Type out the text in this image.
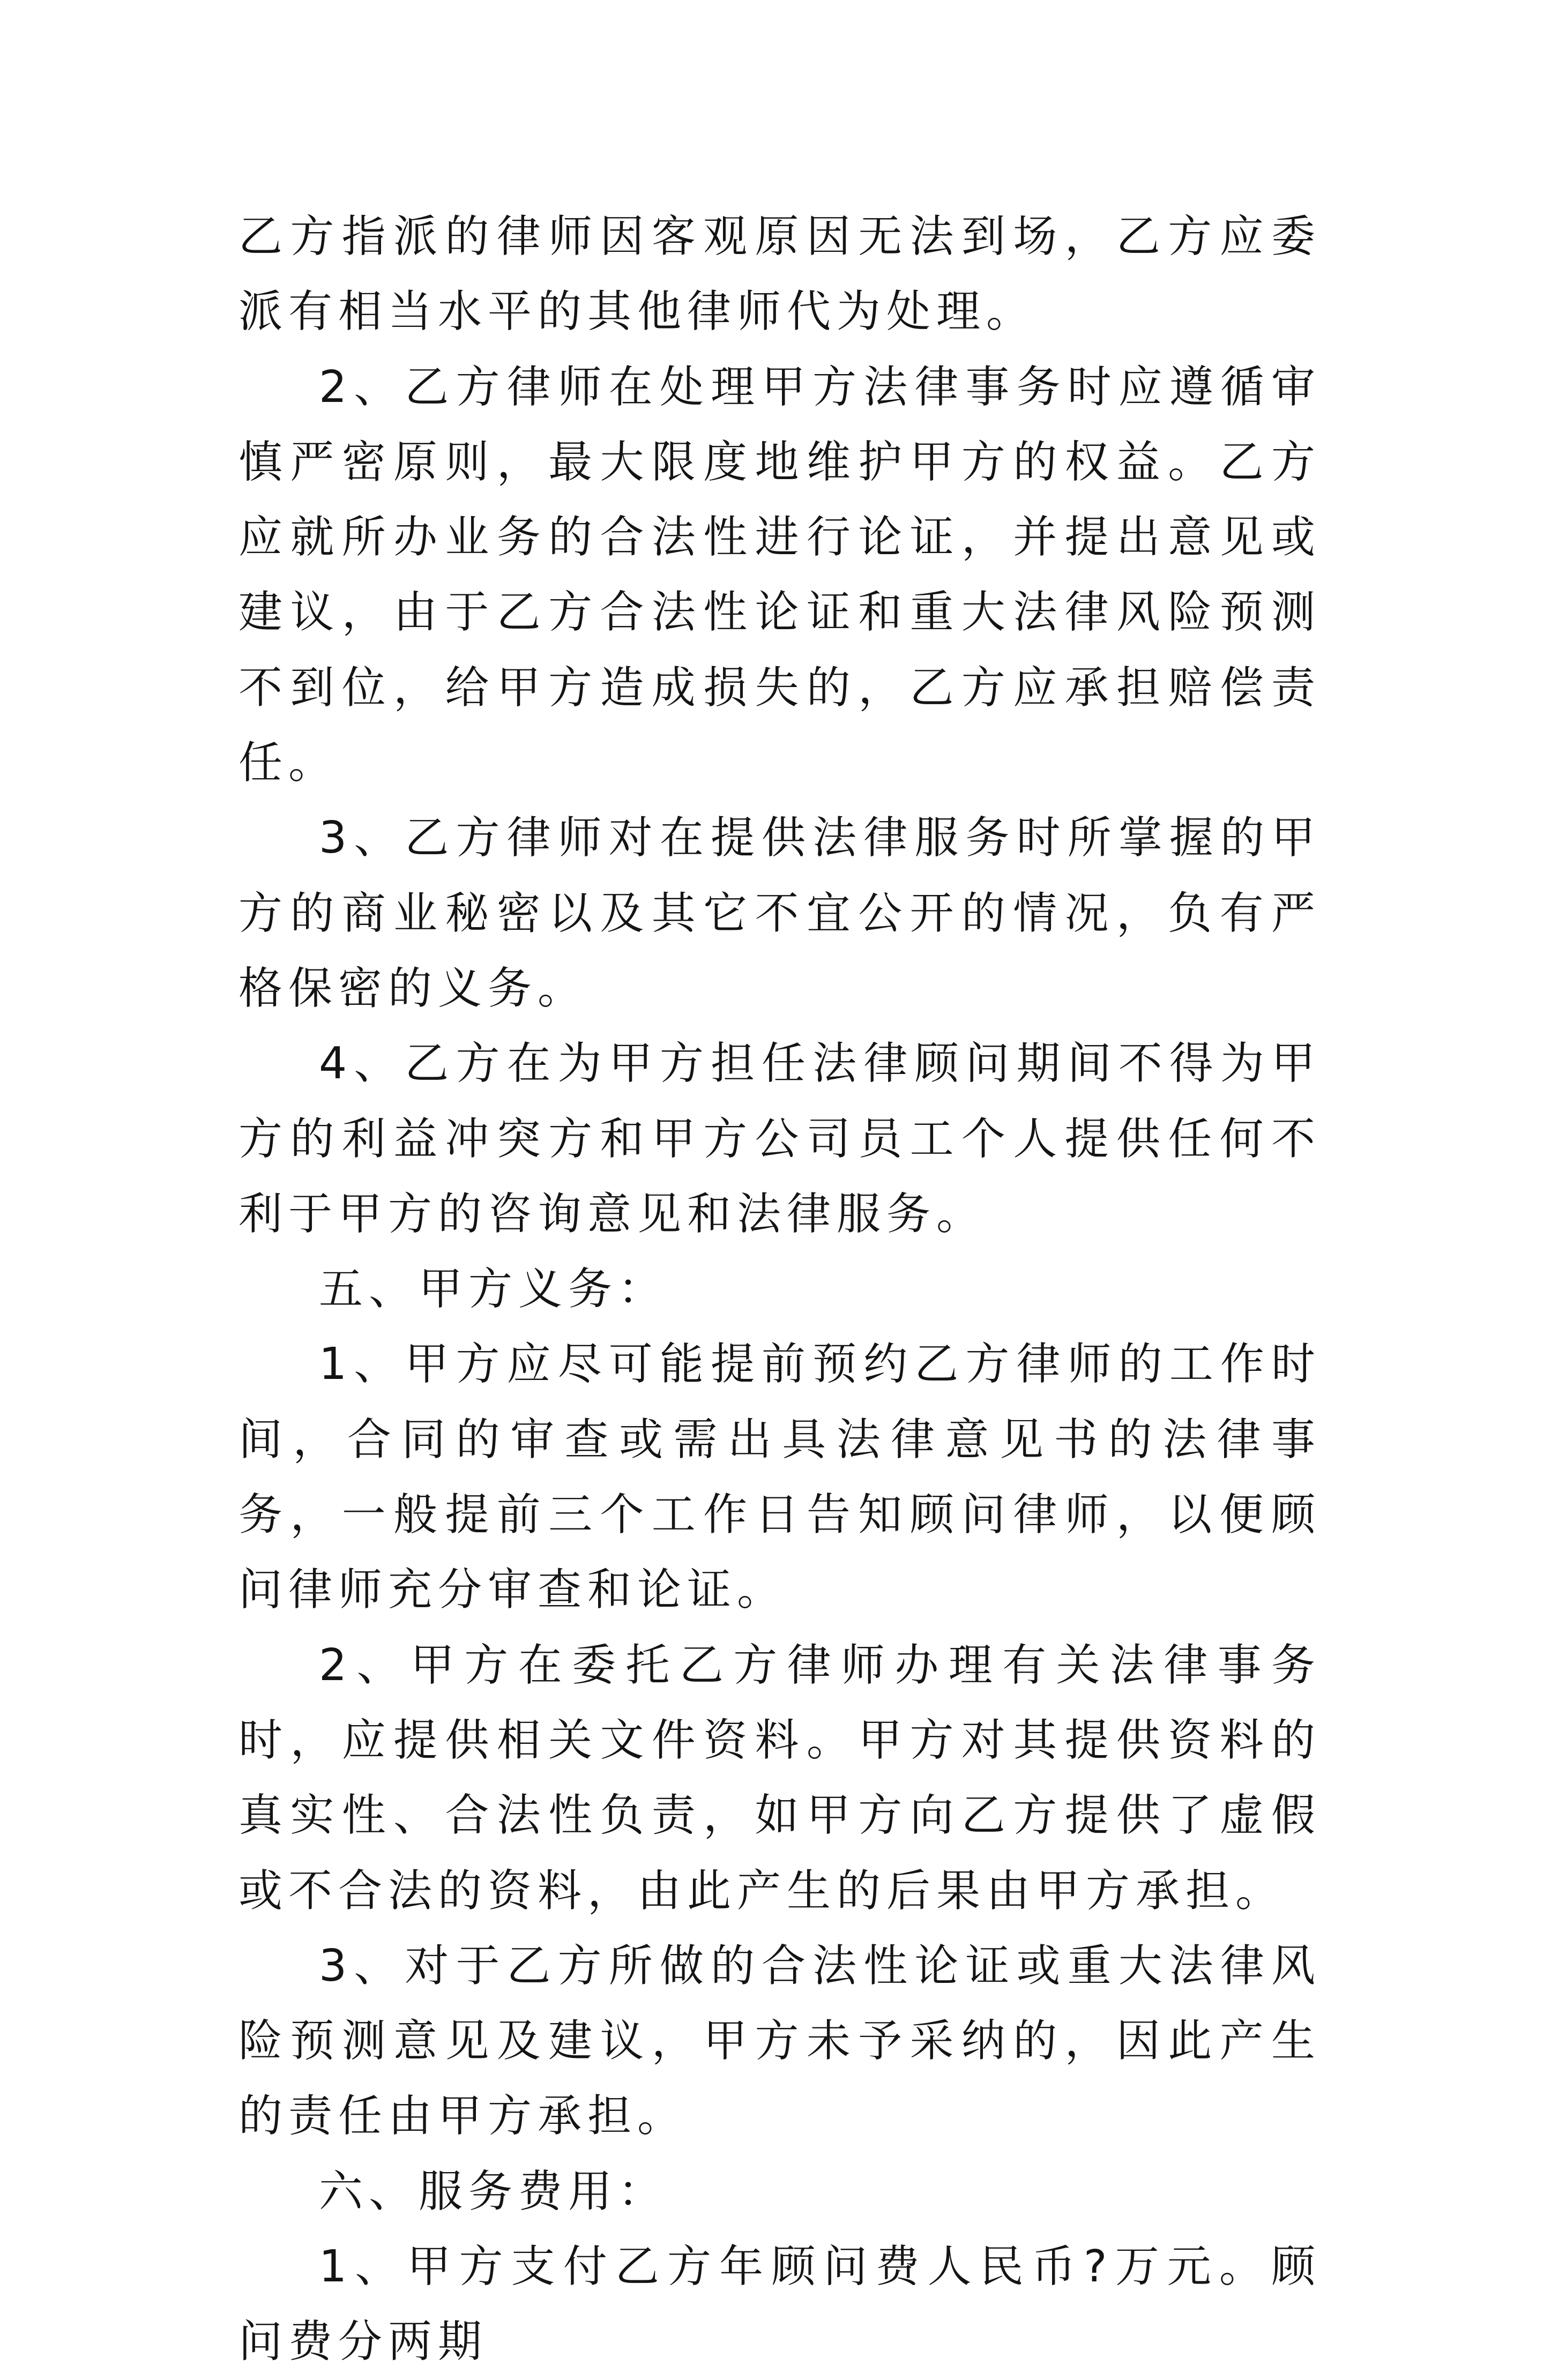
乙方指派的律师因客观原因无法到场，乙方应委派有相当水平的其他律师代为处理。

2、乙方律师在处理甲方法律事务时应遵循审慎严密原则，最大限度地维护甲方的权益。乙方应就所办业务的合法性进行论证，并提出意见或建议，由于乙方合法性论证和重大法律风险预测不到位，给甲方造成损失的，乙方应承担赔偿责任。

3、乙方律师对在提供法律服务时所掌握的甲方的商业秘密以及其它不宜公开的情况，负有严格保密的义务。

4、乙方在为甲方担任法律顾问期间不得为甲方的利益冲突方和甲方公司员工个人提供任何不利于甲方的咨询意见和法律服务。

五、甲方义务：

1、甲方应尽可能提前预约乙方律师的工作时间，合同的审查或需出具法律意见书的法律事务，一般提前三个工作日告知顾问律师，以便顾问律师充分审查和论证。

2、甲方在委托乙方律师办理有关法律事务时，应提供相关文件资料。甲方对其提供资料的真实性、合法性负责，如甲方向乙方提供了虚假或不合法的资料，由此产生的后果由甲方承担。

3、对于乙方所做的合法性论证或重大法律风险预测意见及建议，甲方未予采纳的，因此产生的责任由甲方承担。

六、服务费用：

1、甲方支付乙方年顾问费人民币?万元。顾问费分两期
